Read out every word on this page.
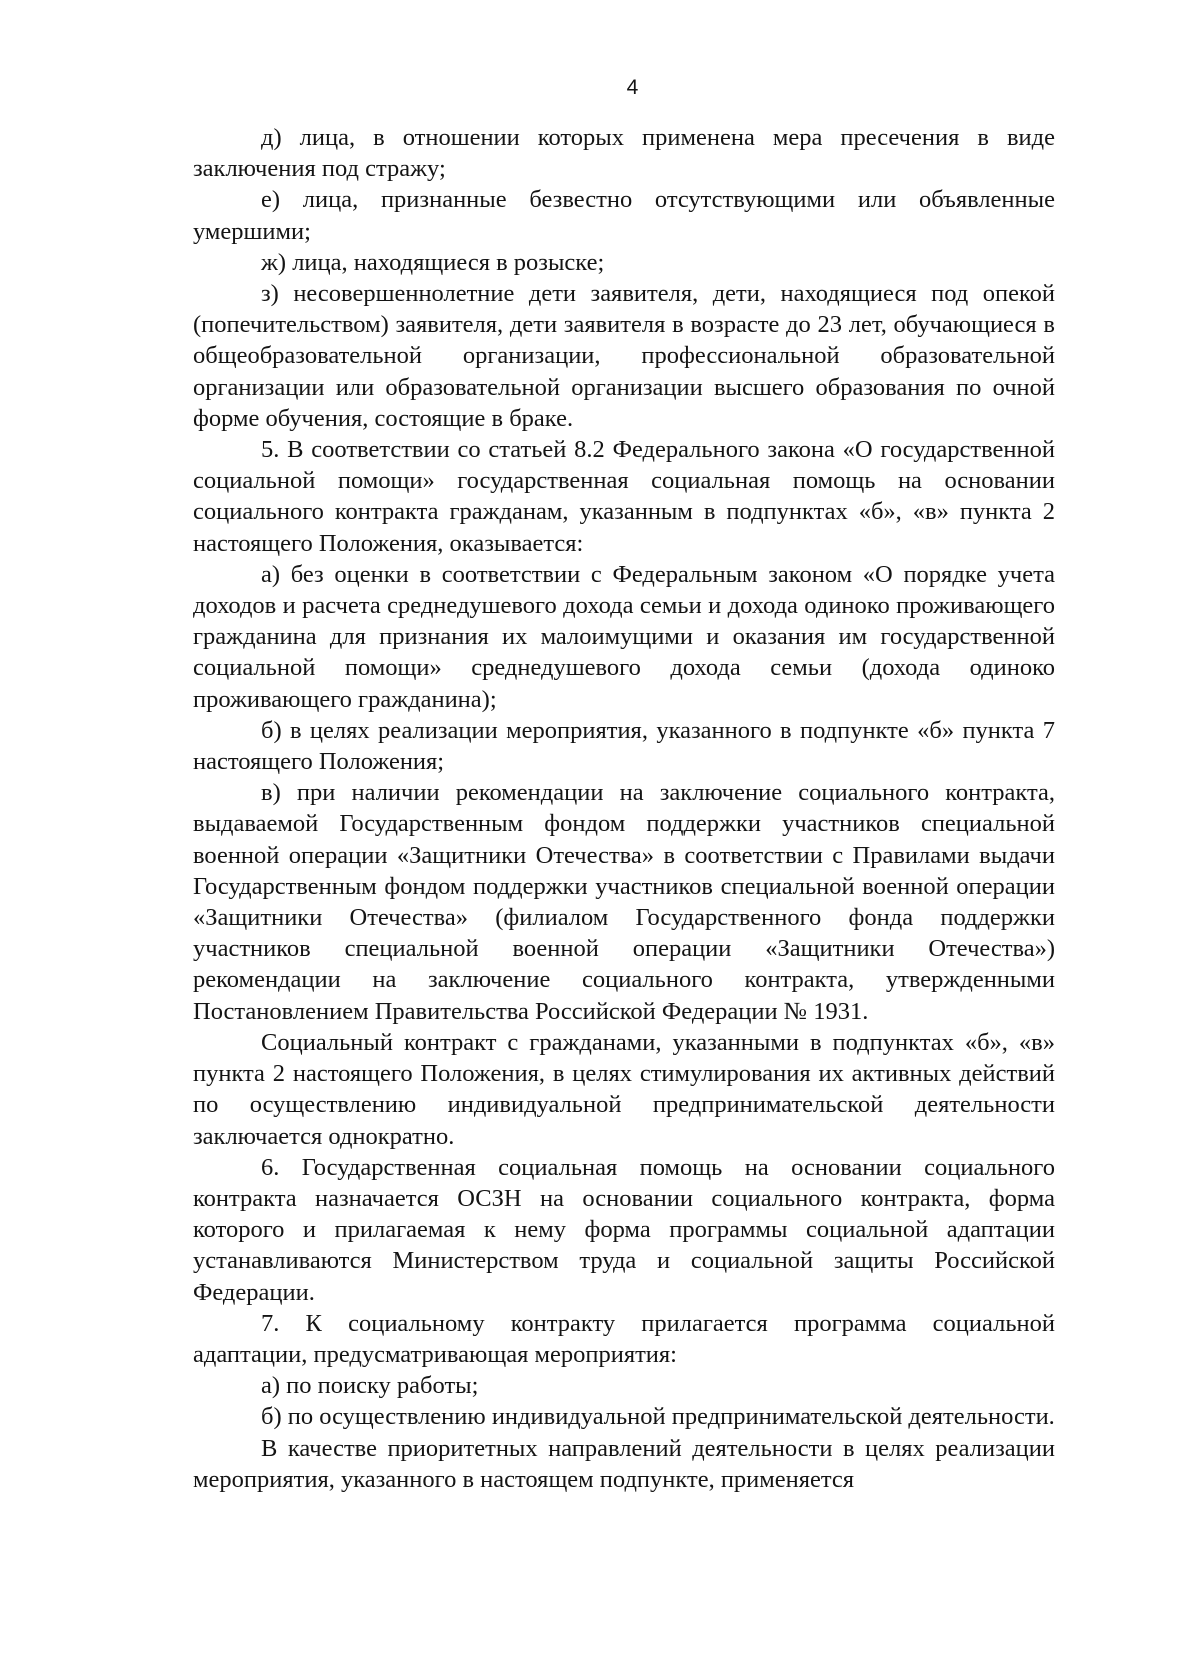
4

д) лица, в отношении которых применена мера пресечения в виде заключения под стражу;

е) лица, признанные безвестно отсутствующими или объявленные умершими;

ж) лица, находящиеся в розыске;

з) несовершеннолетние дети заявителя, дети, находящиеся под опекой (попечительством) заявителя, дети заявителя в возрасте до 23 лет, обучающиеся в общеобразовательной организации, профессиональной образовательной организации или образовательной организации высшего образования по очной форме обучения, состоящие в браке.

5. В соответствии со статьей 8.2 Федерального закона «О государственной социальной помощи» государственная социальная помощь на основании социального контракта гражданам, указанным в подпунктах «б», «в» пункта 2 настоящего Положения, оказывается:

а) без оценки в соответствии с Федеральным законом «О порядке учета доходов и расчета среднедушевого дохода семьи и дохода одиноко проживающего гражданина для признания их малоимущими и оказания им государственной социальной помощи» среднедушевого дохода семьи (дохода одиноко проживающего гражданина);

б) в целях реализации мероприятия, указанного в подпункте «б» пункта 7 настоящего Положения;

в) при наличии рекомендации на заключение социального контракта, выдаваемой Государственным фондом поддержки участников специальной военной операции «Защитники Отечества» в соответствии с Правилами выдачи Государственным фондом поддержки участников специальной военной операции «Защитники Отечества» (филиалом Государственного фонда поддержки участников специальной военной операции «Защитники Отечества») рекомендации на заключение социального контракта, утвержденными Постановлением Правительства Российской Федерации № 1931.

Социальный контракт с гражданами, указанными в подпунктах «б», «в» пункта 2 настоящего Положения, в целях стимулирования их активных действий по осуществлению индивидуальной предпринимательской деятельности заключается однократно.

6. Государственная социальная помощь на основании социального контракта назначается ОСЗН на основании социального контракта, форма которого и прилагаемая к нему форма программы социальной адаптации устанавливаются Министерством труда и социальной защиты Российской Федерации.

7. К социальному контракту прилагается программа социальной адаптации, предусматривающая мероприятия:

а) по поиску работы;

б) по осуществлению индивидуальной предпринимательской деятельности.

В качестве приоритетных направлений деятельности в целях реализации мероприятия, указанного в настоящем подпункте, применяется
